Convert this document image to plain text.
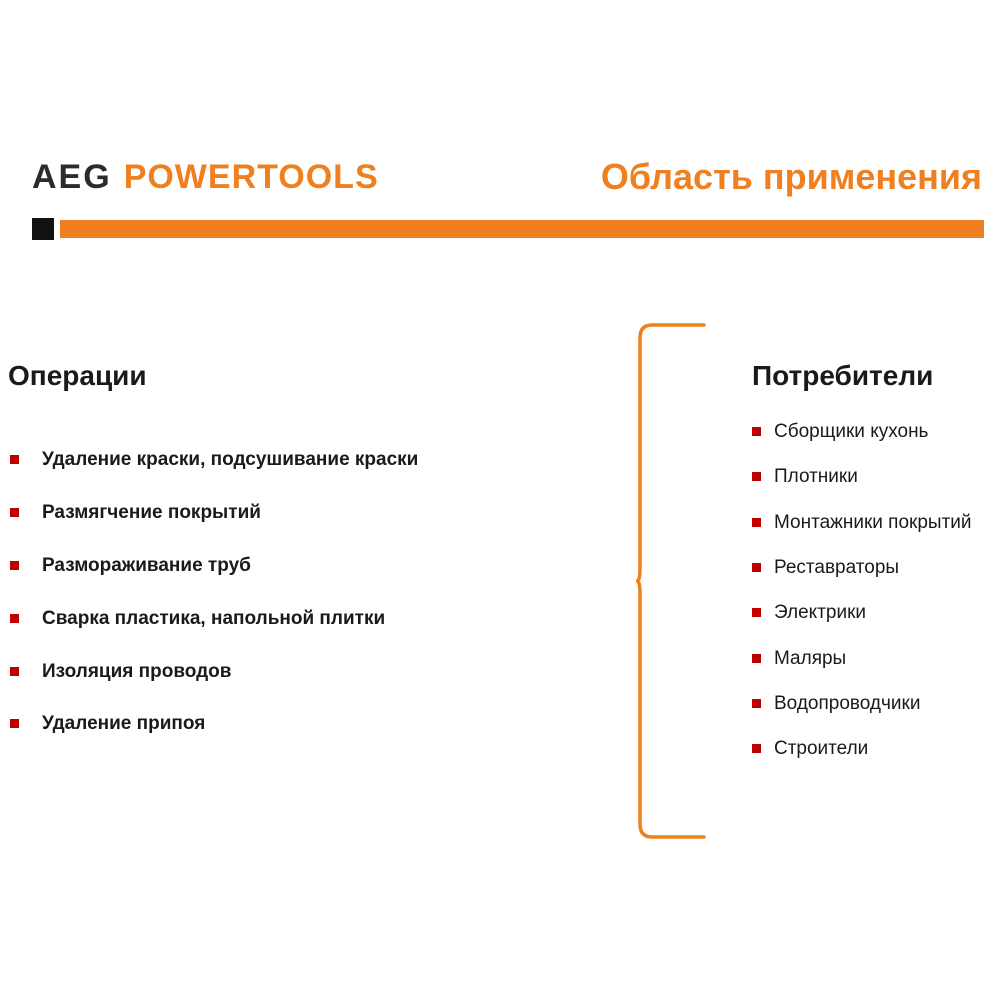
AEG POWERTOOLS	Область применения
Операции
Удаление краски, подсушивание краски
Размягчение покрытий
Размораживание труб
Сварка пластика, напольной плитки
Изоляция проводов
Удаление припоя
Потребители
Сборщики кухонь
Плотники
Монтажники покрытий
Реставраторы
Электрики
Маляры
Водопроводчики
Строители
